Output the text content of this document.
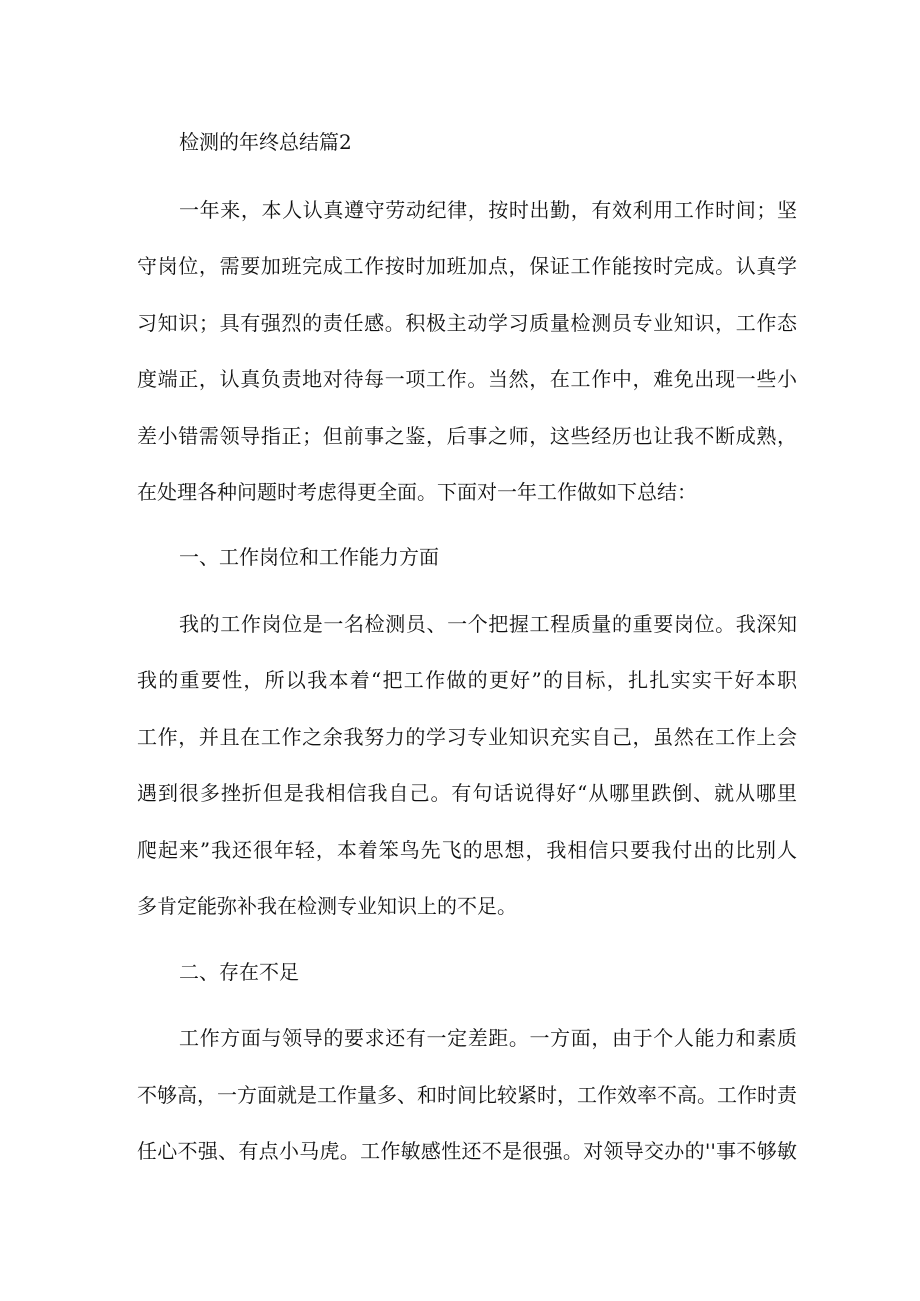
检测的年终总结篇2
一年来，本人认真遵守劳动纪律，按时出勤，有效利用工作时间；坚
守岗位，需要加班完成工作按时加班加点，保证工作能按时完成。认真学
习知识；具有强烈的责任感。积极主动学习质量检测员专业知识，工作态
度端正，认真负责地对待每一项工作。当然，在工作中，难免出现一些小
差小错需领导指正；但前事之鉴，后事之师，这些经历也让我不断成熟，
在处理各种问题时考虑得更全面。下面对一年工作做如下总结：
一、工作岗位和工作能力方面
我的工作岗位是一名检测员、一个把握工程质量的重要岗位。我深知
我的重要性，所以我本着“把工作做的更好”的目标，扎扎实实干好本职
工作，并且在工作之余我努力的学习专业知识充实自己，虽然在工作上会
遇到很多挫折但是我相信我自己。有句话说得好“从哪里跌倒、就从哪里
爬起来”我还很年轻，本着笨鸟先飞的思想，我相信只要我付出的比别人
多肯定能弥补我在检测专业知识上的不足。
二、存在不足
工作方面与领导的要求还有一定差距。一方面，由于个人能力和素质
不够高，一方面就是工作量多、和时间比较紧时，工作效率不高。工作时责
任心不强、有点小马虎。工作敏感性还不是很强。对领导交办的''事不够敏
